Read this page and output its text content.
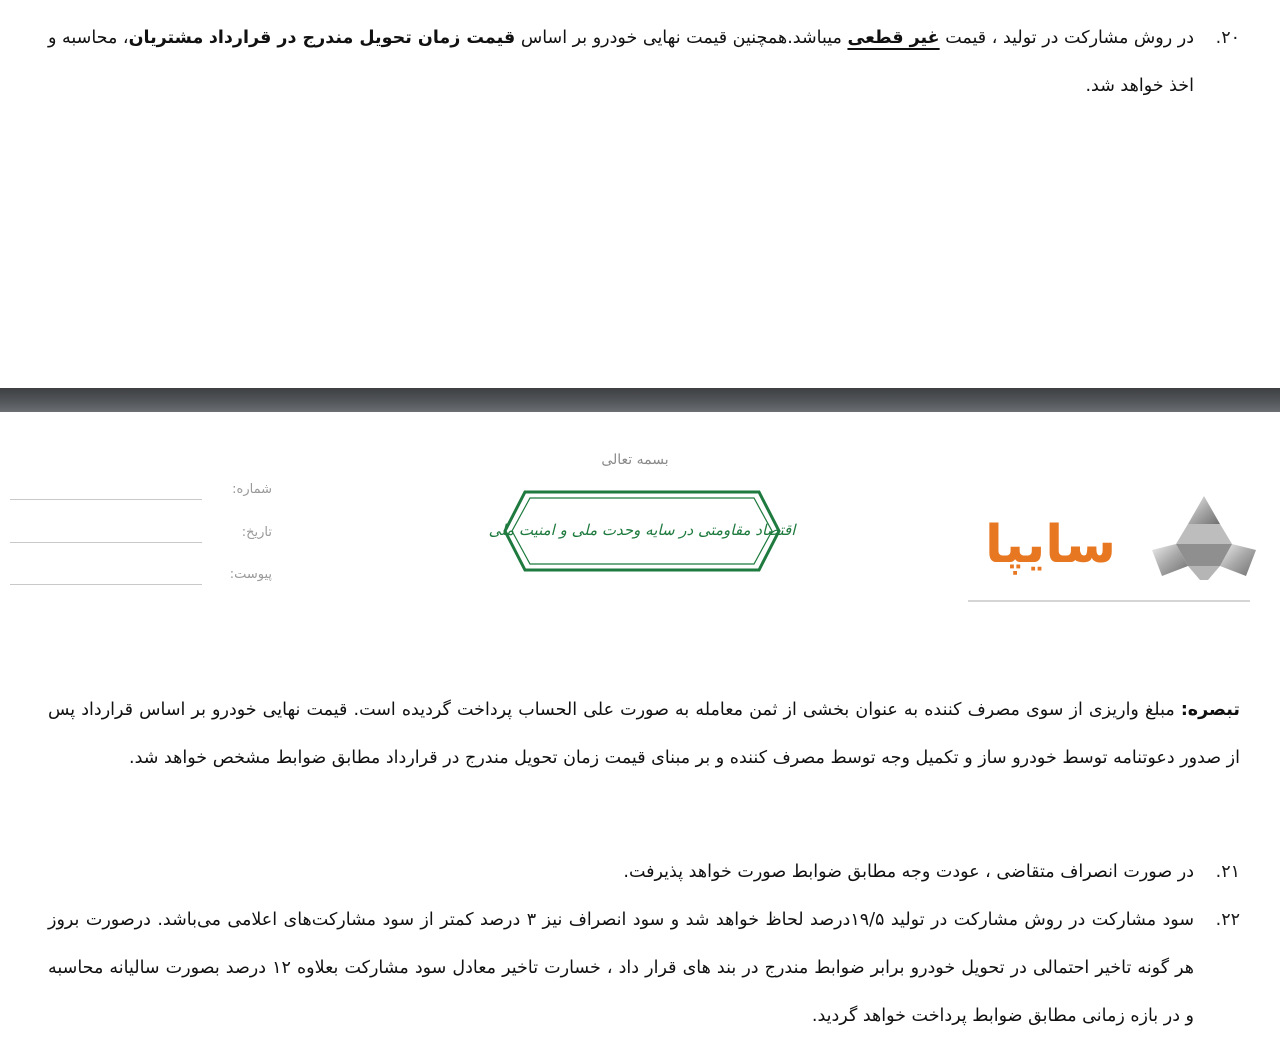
۲۰.
در روش مشارکت در تولید ، قیمت غیر قطعی میباشد.همچنین قیمت نهایی خودرو بر اساس قیمت زمان تحویل مندرج در قرارداد مشتریان، محاسبه و اخذ خواهد شد.
بسمه تعالی
شماره:
تاریخ:
پیوست:
اقتصاد مقاومتی در سایه وحدت ملی و امنیت ملی	سایپا
تبصره: مبلغ واریزی از سوی مصرف کننده به عنوان بخشی از ثمن معامله به صورت علی الحساب پرداخت گردیده است. قیمت نهایی خودرو بر اساس قرارداد پس از صدور دعوتنامه توسط خودرو ساز و تکمیل وجه توسط مصرف کننده و بر مبنای قیمت زمان تحویل مندرج در قرارداد مطابق ضوابط مشخص خواهد شد.
۲۱.
در صورت انصراف متقاضی ، عودت وجه مطابق ضوابط صورت خواهد پذیرفت.
۲۲.
سود مشارکت در روش مشارکت در تولید ۱۹/۵درصد لحاظ خواهد شد و سود انصراف نیز ۳ درصد کمتر از سود مشارکت‌های اعلامی می‌باشد. درصورت بروز هر گونه تاخیر احتمالی در تحویل خودرو برابر ضوابط مندرج در بند های قرار داد ، خسارت تاخیر معادل سود مشارکت بعلاوه ۱۲ درصد بصورت سالیانه محاسبه و در بازه زمانی مطابق ضوابط پرداخت خواهد گردید.
